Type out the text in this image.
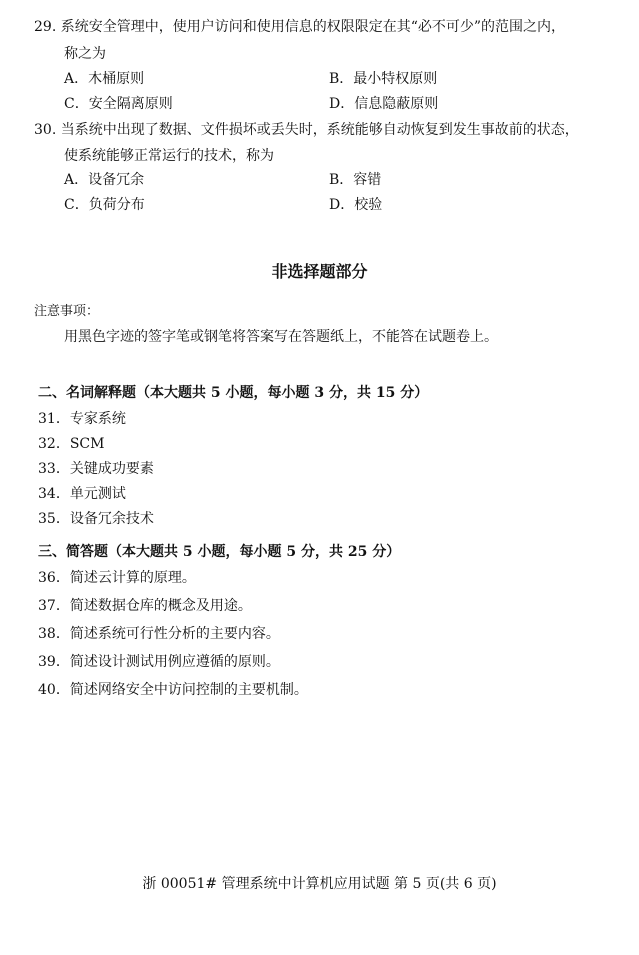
29. 系统安全管理中，使用户访问和使用信息的权限限定在其“必不可少”的范围之内，
称之为
A．木桶原则	B．最小特权原则
C．安全隔离原则	D．信息隐蔽原则
30. 当系统中出现了数据、文件损坏或丢失时，系统能够自动恢复到发生事故前的状态，
使系统能够正常运行的技术，称为
A．设备冗余	B．容错
C．负荷分布	D．校验
非选择题部分
注意事项：
用黑色字迹的签字笔或钢笔将答案写在答题纸上，不能答在试题卷上。
二、名词解释题（本大题共 5 小题，每小题 3 分，共 15 分）
31．专家系统
32．SCM
33．关键成功要素
34．单元测试
35．设备冗余技术
三、简答题（本大题共 5 小题，每小题 5 分，共 25 分）
36．简述云计算的原理。
37．简述数据仓库的概念及用途。
38．简述系统可行性分析的主要内容。
39．简述设计测试用例应遵循的原则。
40．简述网络安全中访问控制的主要机制。
浙 00051# 管理系统中计算机应用试题 第 5 页(共 6 页)
